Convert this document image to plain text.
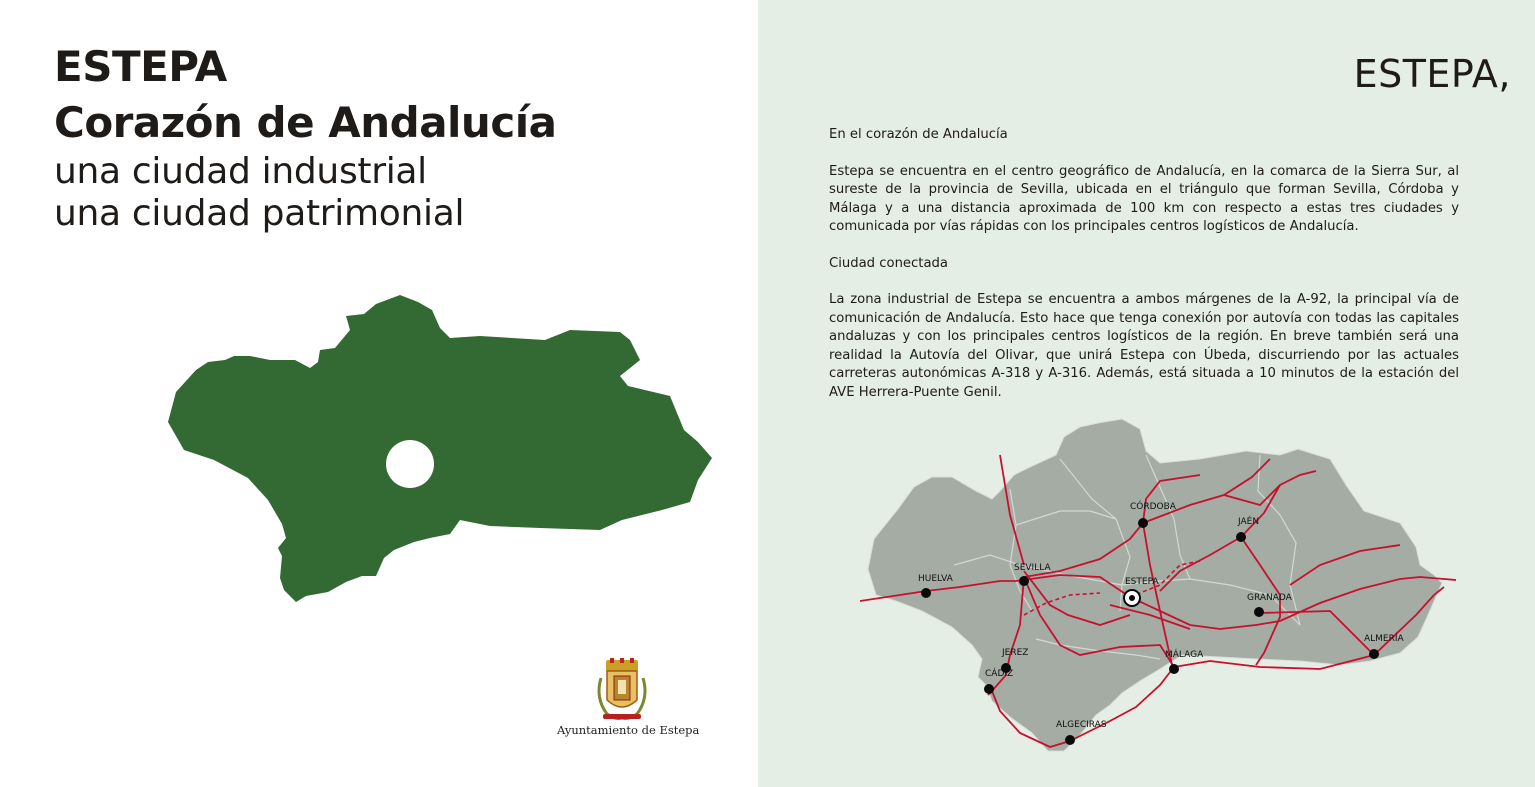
ESTEPA
Corazón de Andalucía
una ciudad industrial
una ciudad patrimonial
Ayuntamiento de Estepa
ESTEPA,
En el corazón de Andalucía

Estepa se encuentra en el centro geográfico de Andalucía, en la comarca de la Sierra Sur, al sureste de la provincia de Sevilla, ubicada en el triángulo que forman Sevilla, Córdoba y Málaga y a una distancia aproximada de 100 km con respecto a estas tres ciudades y comunicada por vías rápidas con los principales centros logísticos de Andalucía.

Ciudad conectada

La zona industrial de Estepa se encuentra a ambos márgenes de la A-92, la principal vía de comunicación de Andalucía. Esto hace que tenga conexión por autovía con todas las capitales andaluzas y con los principales centros logísticos de la región. En breve también será una realidad la Autovía del Olivar, que unirá Estepa con Úbeda, discurriendo por las actuales carreteras autonómicas A-318 y A-316. Además, está situada a 10 minutos de la estación del AVE Herrera-Puente Genil.

CÓRDOBA
JAÉN
SEVILLA
HUELVA	ESTEPA
GRANADA
ALMERÍA
JEREZ	MÁLAGA
CÁDIZ
ALGECIRAS
